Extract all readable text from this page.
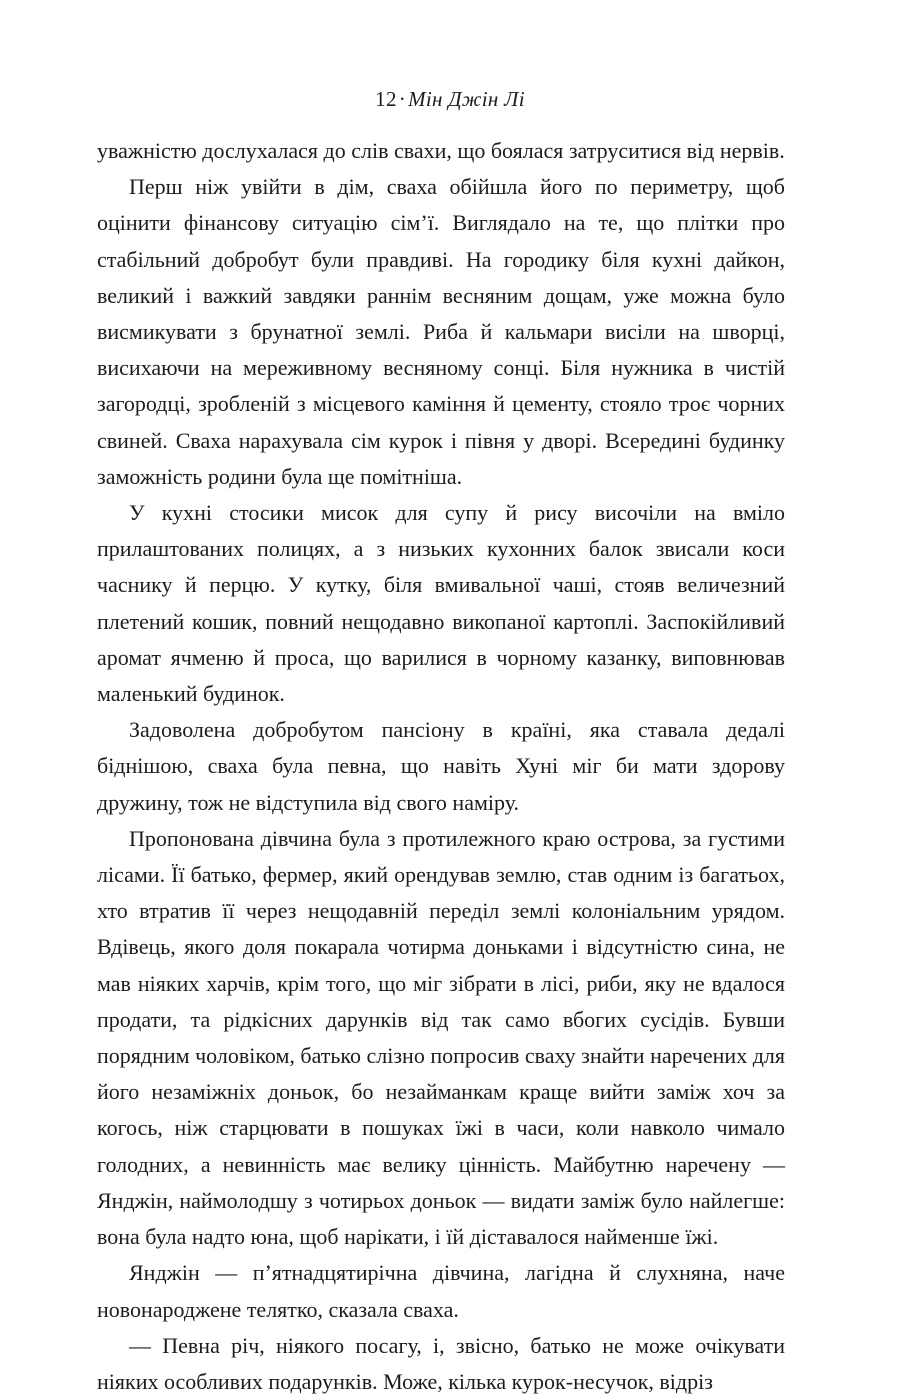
12·Мін Джін Лі

уважністю дослухалася до слів свахи, що боялася затруситися від нервів.

Перш ніж увійти в дім, сваха обійшла його по периметру, щоб оцінити фінансову ситуацію сім’ї. Виглядало на те, що плітки про стабільний добробут були правдиві. На городику біля кухні дайкон, великий і важкий завдяки раннім весняним дощам, уже можна було висмикувати з брунатної землі. Риба й кальмари висіли на шворці, висихаючи на мереживному весняному сонці. Біля нужника в чистій загородці, зробленій з місцевого каміння й цементу, стояло троє чорних свиней. Сваха нарахувала сім курок і півня у дворі. Всередині будинку заможність родини була ще помітніша.

У кухні стосики мисок для супу й рису височіли на вміло прилаштованих полицях, а з низьких кухонних балок звисали коси часнику й перцю. У кутку, біля вмивальної чаші, стояв величезний плетений кошик, повний нещодавно викопаної картоплі. Заспокійливий аромат ячменю й проса, що варилися в чорному казанку, виповнював маленький будинок.

Задоволена добробутом пансіону в країні, яка ставала дедалі біднішою, сваха була певна, що навіть Хуні міг би мати здорову дружину, тож не відступила від свого наміру.

Пропонована дівчина була з протилежного краю острова, за густими лісами. Її батько, фермер, який орендував землю, став одним із багатьох, хто втратив її через нещодавній переділ землі колоніальним урядом. Вдівець, якого доля покарала чотирма доньками і відсутністю сина, не мав ніяких харчів, крім того, що міг зібрати в лісі, риби, яку не вдалося продати, та рідкісних дарунків від так само вбогих сусідів. Бувши порядним чоловіком, батько слізно попросив сваху знайти наречених для його незаміжніх доньок, бо незайманкам краще вийти заміж хоч за когось, ніж старцювати в пошуках їжі в часи, коли навколо чимало голодних, а невинність має велику цінність. Майбутню наречену — Янджін, наймолодшу з чотирьох доньок — видати заміж було найлегше: вона була надто юна, щоб нарікати, і їй діставалося найменше їжі.

Янджін — п’ятнадцятирічна дівчина, лагідна й слухняна, наче новонароджене телятко, сказала сваха.

— Певна річ, ніякого посагу, і, звісно, батько не може очікувати ніяких особливих подарунків. Може, кілька курок-несучок, відріз
